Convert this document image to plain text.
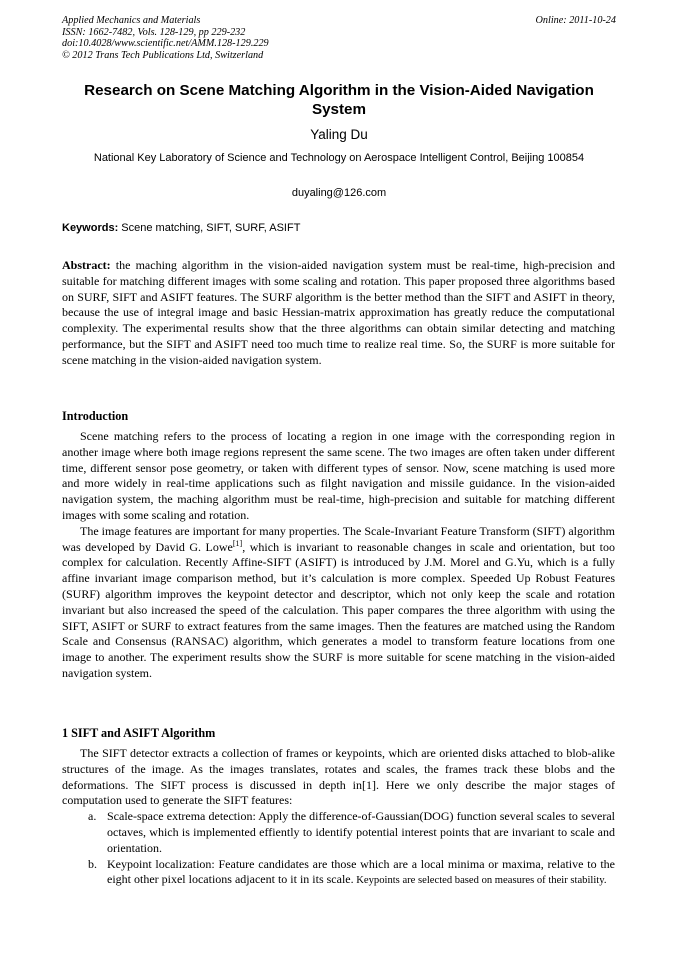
Applied Mechanics and Materials
ISSN: 1662-7482, Vols. 128-129, pp 229-232
doi:10.4028/www.scientific.net/AMM.128-129.229
© 2012 Trans Tech Publications Ltd, Switzerland
Online: 2011-10-24
Research on Scene Matching Algorithm in the Vision-Aided Navigation System
Yaling Du
National Key Laboratory of Science and Technology on Aerospace Intelligent Control, Beijing 100854
duyaling@126.com
Keywords: Scene matching, SIFT, SURF, ASIFT
Abstract: the maching algorithm in the vision-aided navigation system must be real-time, high-precision and suitable for matching different images with some scaling and rotation. This paper proposed three algorithms based on SURF, SIFT and ASIFT features. The SURF algorithm is the better method than the SIFT and ASIFT in theory, because the use of integral image and basic Hessian-matrix approximation has greatly reduce the computational complexity. The experimental results show that the three algorithms can obtain similar detecting and matching performance, but the SIFT and ASIFT need too much time to realize real time. So, the SURF is more suitable for scene matching in the vision-aided navigation system.
Introduction

Scene matching refers to the process of locating a region in one image with the corresponding region in another image where both image regions represent the same scene. The two images are often taken under different time, different sensor pose geometry, or taken with different types of sensor. Now, scene matching is used more and more widely in real-time applications such as filght navigation and missile guidance. In the vision-aided navigation system, the maching algorithm must be real-time, high-precision and suitable for matching different images with some scaling and rotation.

The image features are important for many properties. The Scale-Invariant Feature Transform (SIFT) algorithm was developed by David G. Lowe[1], which is invariant to reasonable changes in scale and orientation, but too complex for calculation. Recently Affine-SIFT (ASIFT) is introduced by J.M. Morel and G.Yu, which is a fully affine invariant image comparison method, but it’s calculation is more complex. Speeded Up Robust Features (SURF) algorithm improves the keypoint detector and descriptor, which not only keep the scale and rotation invariant but also increased the speed of the calculation. This paper compares the three algorithm with using the SIFT, ASIFT or SURF to extract features from the same images. Then the features are matched using the Random Scale and Consensus (RANSAC) algorithm, which generates a model to transform feature locations from one image to another. The experiment results show the SURF is more suitable for scene matching in the vision-aided navigation system.

1 SIFT and ASIFT Algorithm

The SIFT detector extracts a collection of frames or keypoints, which are oriented disks attached to blob-alike structures of the image. As the images translates, rotates and scales, the frames track these blobs and the deformations. The SIFT process is discussed in depth in[1]. Here we only describe the major stages of computation used to generate the SIFT features:

a. Scale-space extrema detection: Apply the difference-of-Gaussian(DOG) function several scales to several octaves, which is implemented effiently to identify potential interest points that are invariant to scale and orientation.
b. Keypoint localization: Feature candidates are those which are a local minima or maxima, relative to the eight other pixel locations adjacent to it in its scale. Keypoints are selected based on measures of their stability.
